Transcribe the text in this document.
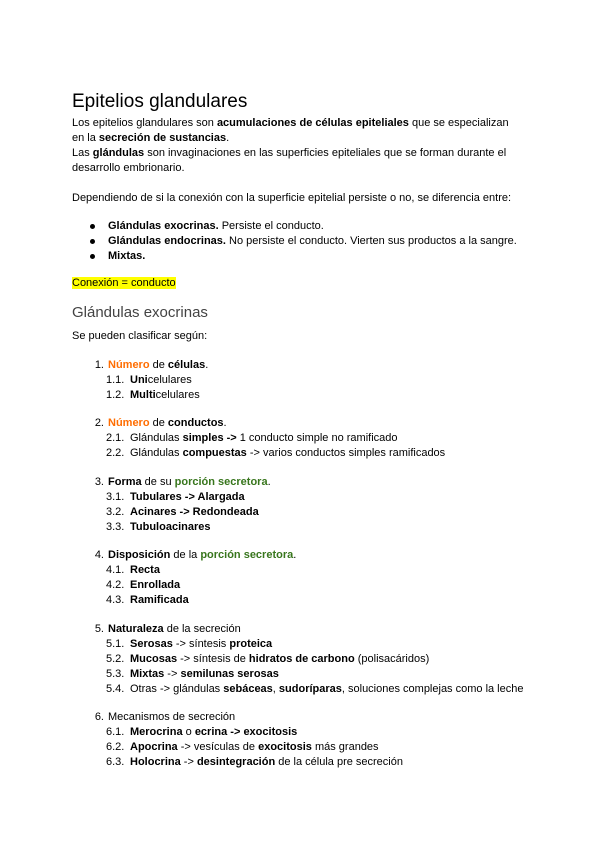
Epitelios glandulares

Los epitelios glandulares son acumulaciones de células epiteliales que se especializan

en la secreción de sustancias.

Las glándulas son invaginaciones en las superficies epiteliales que se forman durante el

desarrollo embrionario.

Dependiendo de si la conexión con la superficie epitelial persiste o no, se diferencia entre:

Glándulas exocrinas. Persiste el conducto.
Glándulas endocrinas. No persiste el conducto. Vierten sus productos a la sangre.
Mixtas.

Conexión = conducto

Glándulas exocrinas

Se pueden clasificar según:

1. Número de células.
1.1. Unicelulares
1.2. Multicelulares
2. Número de conductos.
2.1. Glándulas simples -> 1 conducto simple no ramificado
2.2. Glándulas compuestas -> varios conductos simples ramificados
3. Forma de su porción secretora.
3.1. Tubulares -> Alargada
3.2. Acinares -> Redondeada
3.3. Tubuloacinares
4. Disposición de la porción secretora.
4.1. Recta
4.2. Enrollada
4.3. Ramificada
5. Naturaleza de la secreción
5.1. Serosas -> síntesis proteica
5.2. Mucosas -> síntesis de hidratos de carbono (polisacáridos)
5.3. Mixtas -> semilunas serosas
5.4. Otras -> glándulas sebáceas, sudoríparas, soluciones complejas como la leche
6. Mecanismos de secreción
6.1. Merocrina o ecrina -> exocitosis
6.2. Apocrina -> vesículas de exocitosis más grandes
6.3. Holocrina -> desintegración de la célula pre secreción
